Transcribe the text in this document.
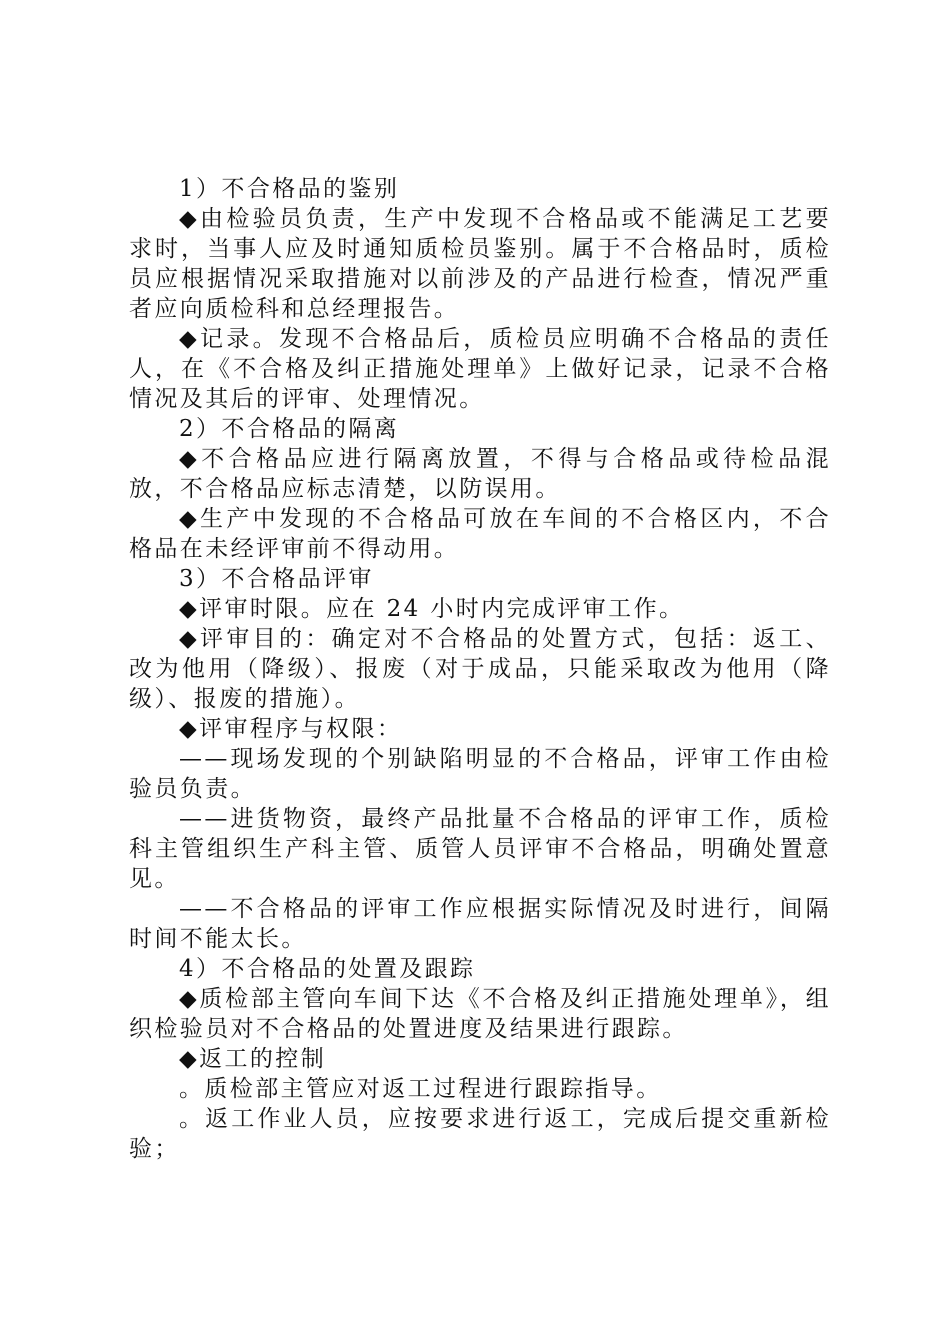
1）不合格品的鉴别

◆由检验员负责，生产中发现不合格品或不能满足工艺要求时，当事人应及时通知质检员鉴别。属于不合格品时，质检员应根据情况采取措施对以前涉及的产品进行检查，情况严重者应向质检科和总经理报告。

◆记录。发现不合格品后，质检员应明确不合格品的责任人，在《不合格及纠正措施处理单》上做好记录，记录不合格情况及其后的评审、处理情况。

2）不合格品的隔离

◆不合格品应进行隔离放置，不得与合格品或待检品混放，不合格品应标志清楚，以防误用。

◆生产中发现的不合格品可放在车间的不合格区内，不合格品在未经评审前不得动用。

3）不合格品评审

◆评审时限。应在 24 小时内完成评审工作。

◆评审目的：确定对不合格品的处置方式，包括：返工、改为他用（降级）、报废（对于成品，只能采取改为他用（降级）、报废的措施）。

◆评审程序与权限：

——现场发现的个别缺陷明显的不合格品，评审工作由检验员负责。

——进货物资，最终产品批量不合格品的评审工作，质检科主管组织生产科主管、质管人员评审不合格品，明确处置意见。

——不合格品的评审工作应根据实际情况及时进行，间隔时间不能太长。

4）不合格品的处置及跟踪

◆质检部主管向车间下达《不合格及纠正措施处理单》，组织检验员对不合格品的处置进度及结果进行跟踪。

◆返工的控制

。质检部主管应对返工过程进行跟踪指导。

。返工作业人员，应按要求进行返工，完成后提交重新检验；
